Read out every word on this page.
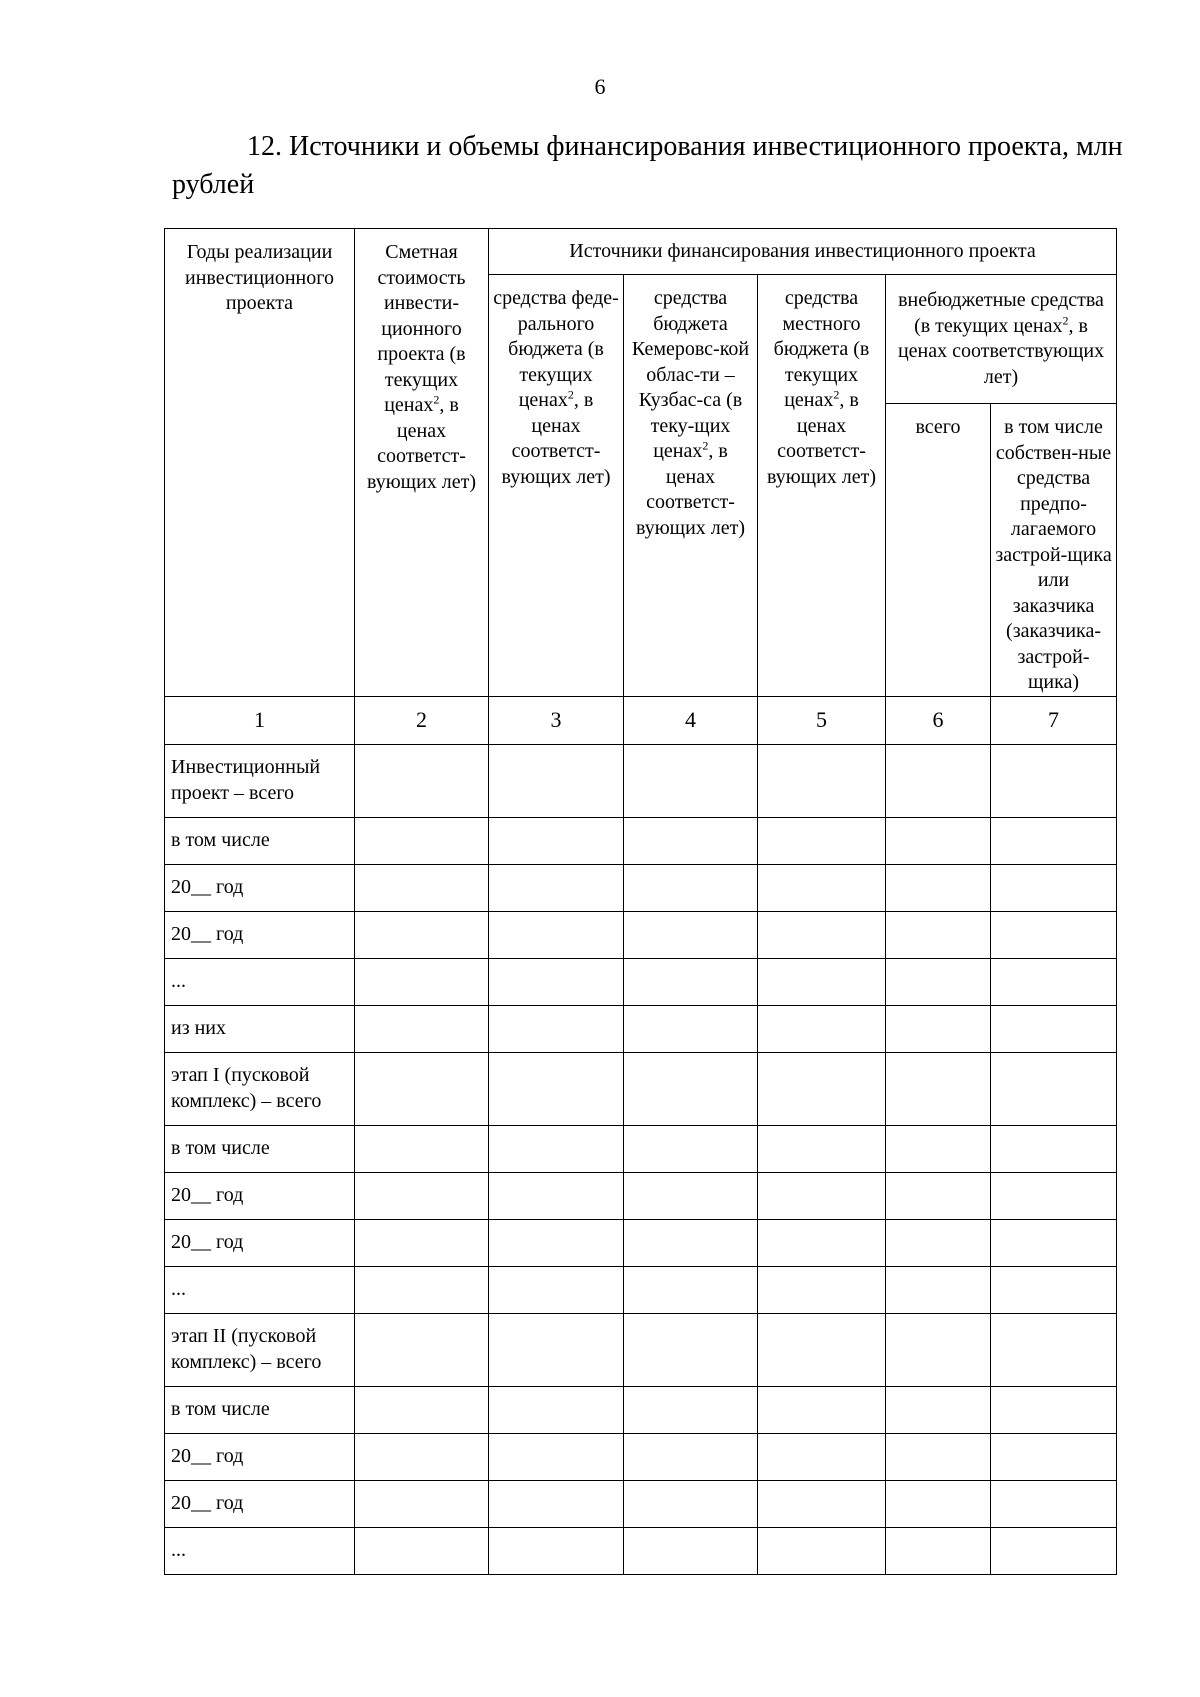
6
12. Источники и объемы финансирования инвестиционного проекта, млн рублей
Годы реализации инвестиционного проекта	Сметная стоимость инвести-ционного проекта (в текущих ценах$^2$, в ценах соответст-вующих лет)	Источники финансирования инвестиционного проекта				
		средства феде-рального бюджета (в текущих ценах$^2$, в ценах соответст-вующих лет)	средства бюджета Кемеровс-кой облас-ти – Кузбас-са (в теку-щих ценах$^2$, в ценах соответст-вующих лет)	средства местного бюджета (в текущих ценах$^2$, в ценах соответст-вующих лет)	внебюджетные средства (в текущих ценах$^2$, в ценах соответствующих лет)	
					всего	в том числе собствен-ные средства предпо-лагаемого застрой-щика или заказчика (заказчика-застрой-щика)
1	2	3	4	5	6	7
Инвестиционный проект – всего						
в том числе						
20__ год						
20__ год						
...						
из них						
этап I (пусковой комплекс) – всего						
в том числе						
20__ год						
20__ год						
...						
этап II (пусковой комплекс) – всего						
в том числе						
20__ год						
20__ год						
...						
